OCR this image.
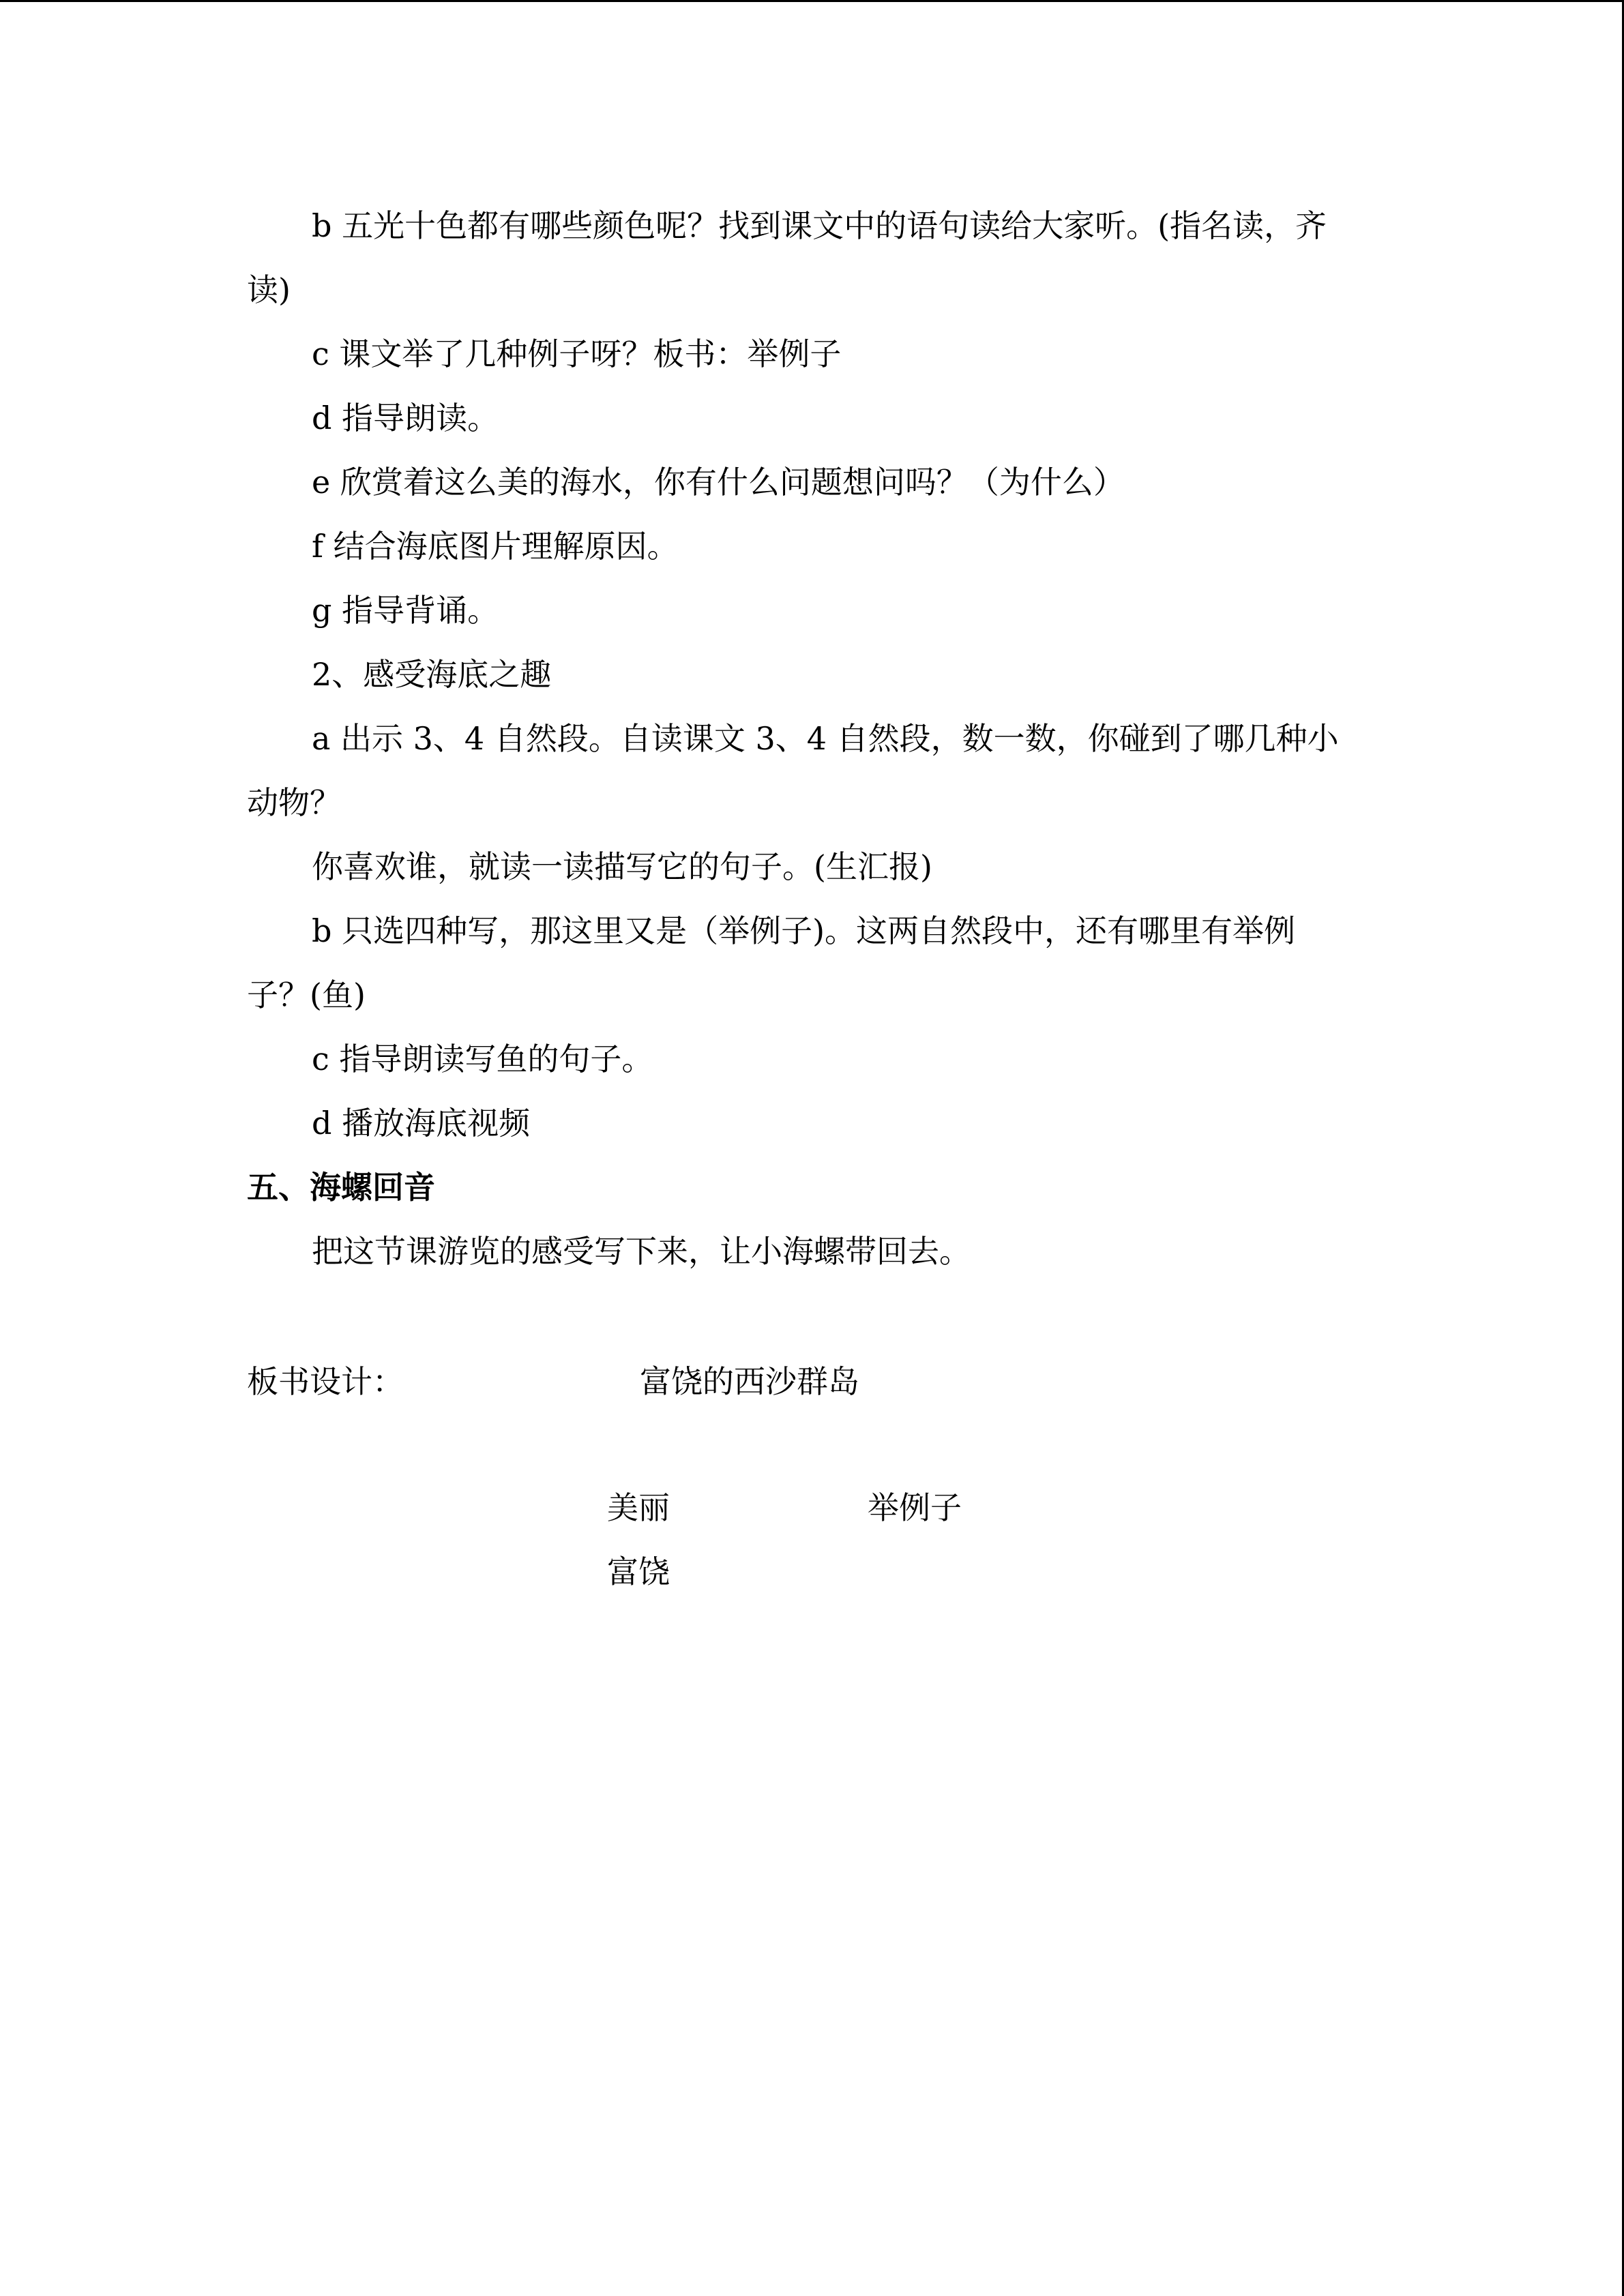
b 五光十色都有哪些颜色呢？找到课文中的语句读给大家听。(指名读，齐
读)
c 课文举了几种例子呀？板书：举例子
d 指导朗读。
e 欣赏着这么美的海水，你有什么问题想问吗？（为什么）
f 结合海底图片理解原因。
g 指导背诵。
2、感受海底之趣
a 出示 3、4 自然段。自读课文 3、4 自然段，数一数，你碰到了哪几种小
动物？
你喜欢谁，就读一读描写它的句子。(生汇报)
b 只选四种写，那这里又是（举例子)。这两自然段中，还有哪里有举例
子？(鱼)
c 指导朗读写鱼的句子。
d 播放海底视频
五、海螺回音
把这节课游览的感受写下来，让小海螺带回去。
板书设计：	富饶的西沙群岛
美丽	举例子
富饶
